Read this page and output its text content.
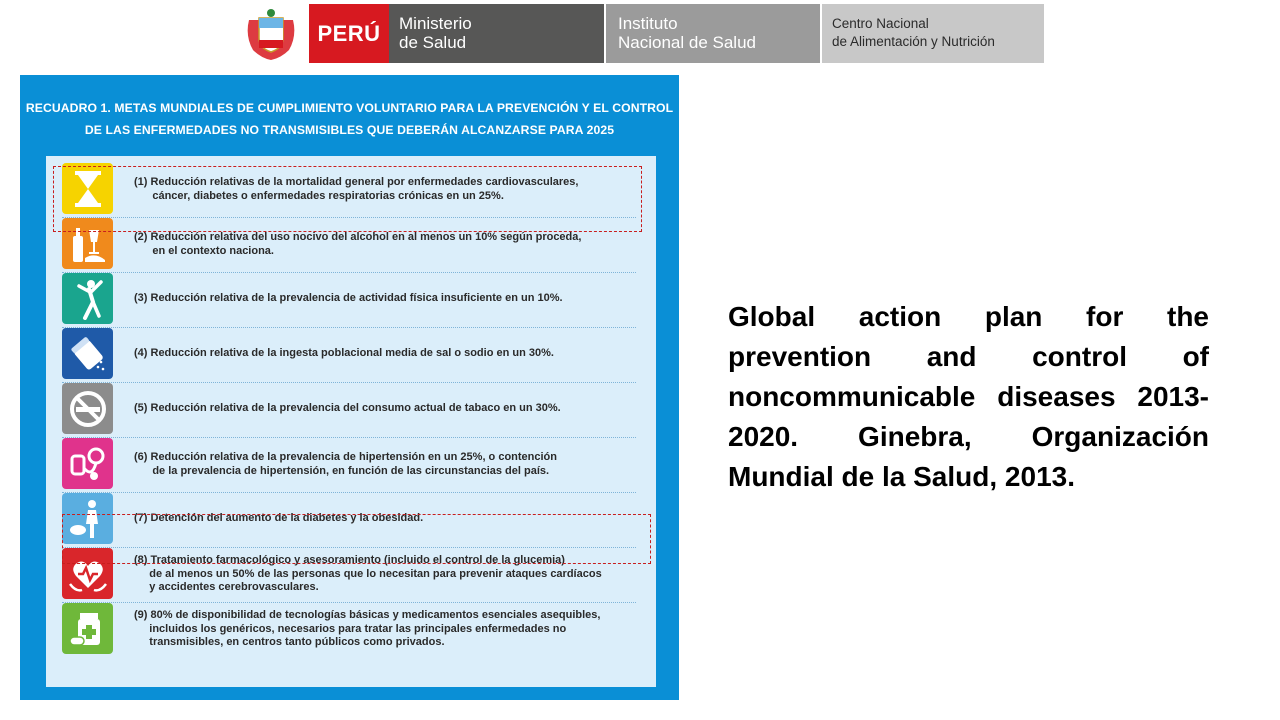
PERÚ Ministerio
de Salud
Instituto
Nacional de Salud
Centro Nacional
de Alimentación y Nutrición
RECUADRO 1. METAS MUNDIALES DE CUMPLIMIENTO VOLUNTARIO PARA LA PREVENCIÓN Y EL CONTROL
DE LAS ENFERMEDADES NO TRANSMISIBLES QUE DEBERÁN ALCANZARSE PARA 2025
(1) Reducción relativas de la mortalidad general por enfermedades cardiovasculares,
cáncer, diabetes o enfermedades respiratorias crónicas en un 25%.
(2) Reducción relativa del uso nocivo del alcohol en al menos un 10% según proceda,
en el contexto naciona.
(3) Reducción relativa de la prevalencia de actividad física insuficiente en un 10%.
(4) Reducción relativa de la ingesta poblacional media de sal o sodio en un 30%.
(5) Reducción relativa de la prevalencia del consumo actual de tabaco en un 30%.
(6) Reducción relativa de la prevalencia de hipertensión en un 25%, o contención
de la prevalencia de hipertensión, en función de las circunstancias del país.
(7) Detención del aumento de la diabetes y la obesidad.
(8) Tratamiento farmacológico y asesoramiento (incluido el control de la glucemia)
de al menos un 50% de las personas que lo necesitan para prevenir ataques cardíacos
y accidentes cerebrovasculares.
(9) 80% de disponibilidad de tecnologías básicas y medicamentos esenciales asequibles,
incluidos los genéricos, necesarios para tratar las principales enfermedades no
transmisibles, en centros tanto públicos como privados.
Global action plan for the prevention and control of noncommunicable diseases 2013-2020. Ginebra, Organización Mundial de la Salud, 2013.
